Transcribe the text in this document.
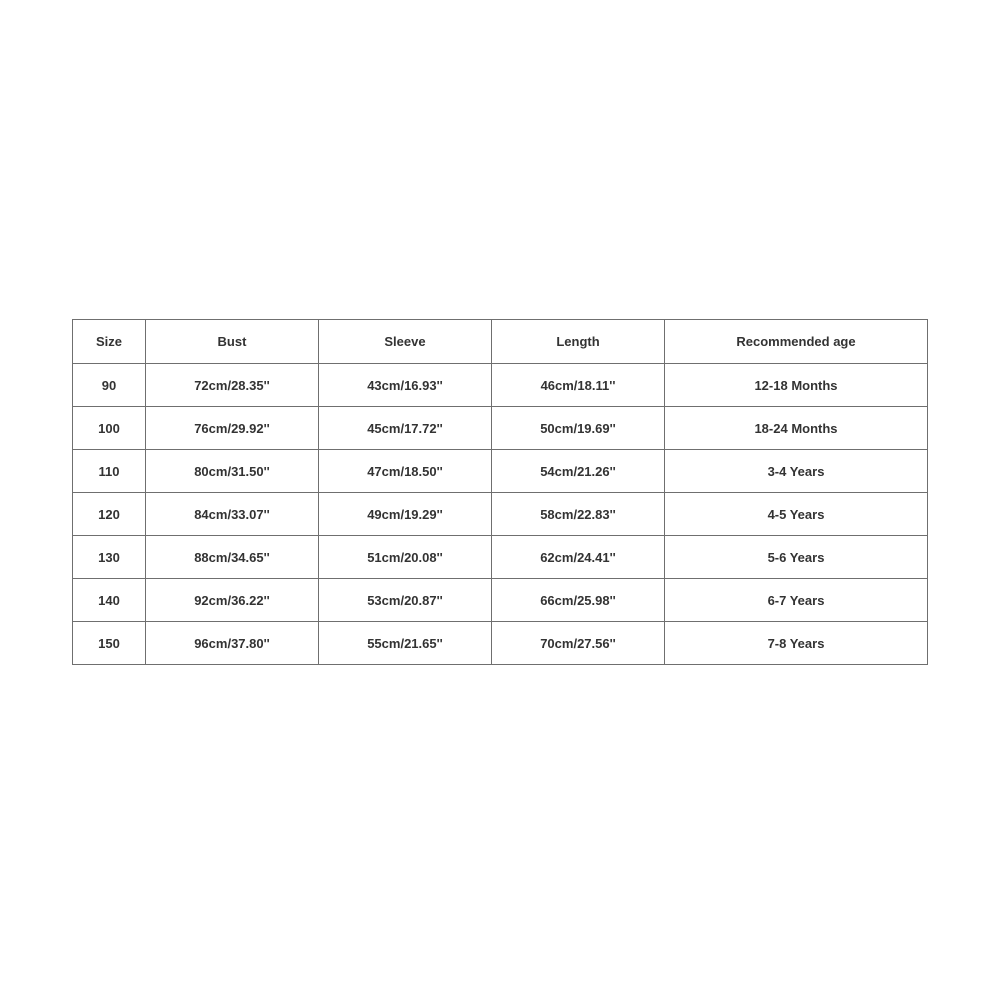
Size	Bust	Sleeve	Length	Recommended age
90	72cm/28.35''	43cm/16.93''	46cm/18.11''	12-18 Months
100	76cm/29.92''	45cm/17.72''	50cm/19.69''	18-24 Months
110	80cm/31.50''	47cm/18.50''	54cm/21.26''	3-4 Years
120	84cm/33.07''	49cm/19.29''	58cm/22.83''	4-5 Years
130	88cm/34.65''	51cm/20.08''	62cm/24.41''	5-6 Years
140	92cm/36.22''	53cm/20.87''	66cm/25.98''	6-7 Years
150	96cm/37.80''	55cm/21.65''	70cm/27.56''	7-8 Years
